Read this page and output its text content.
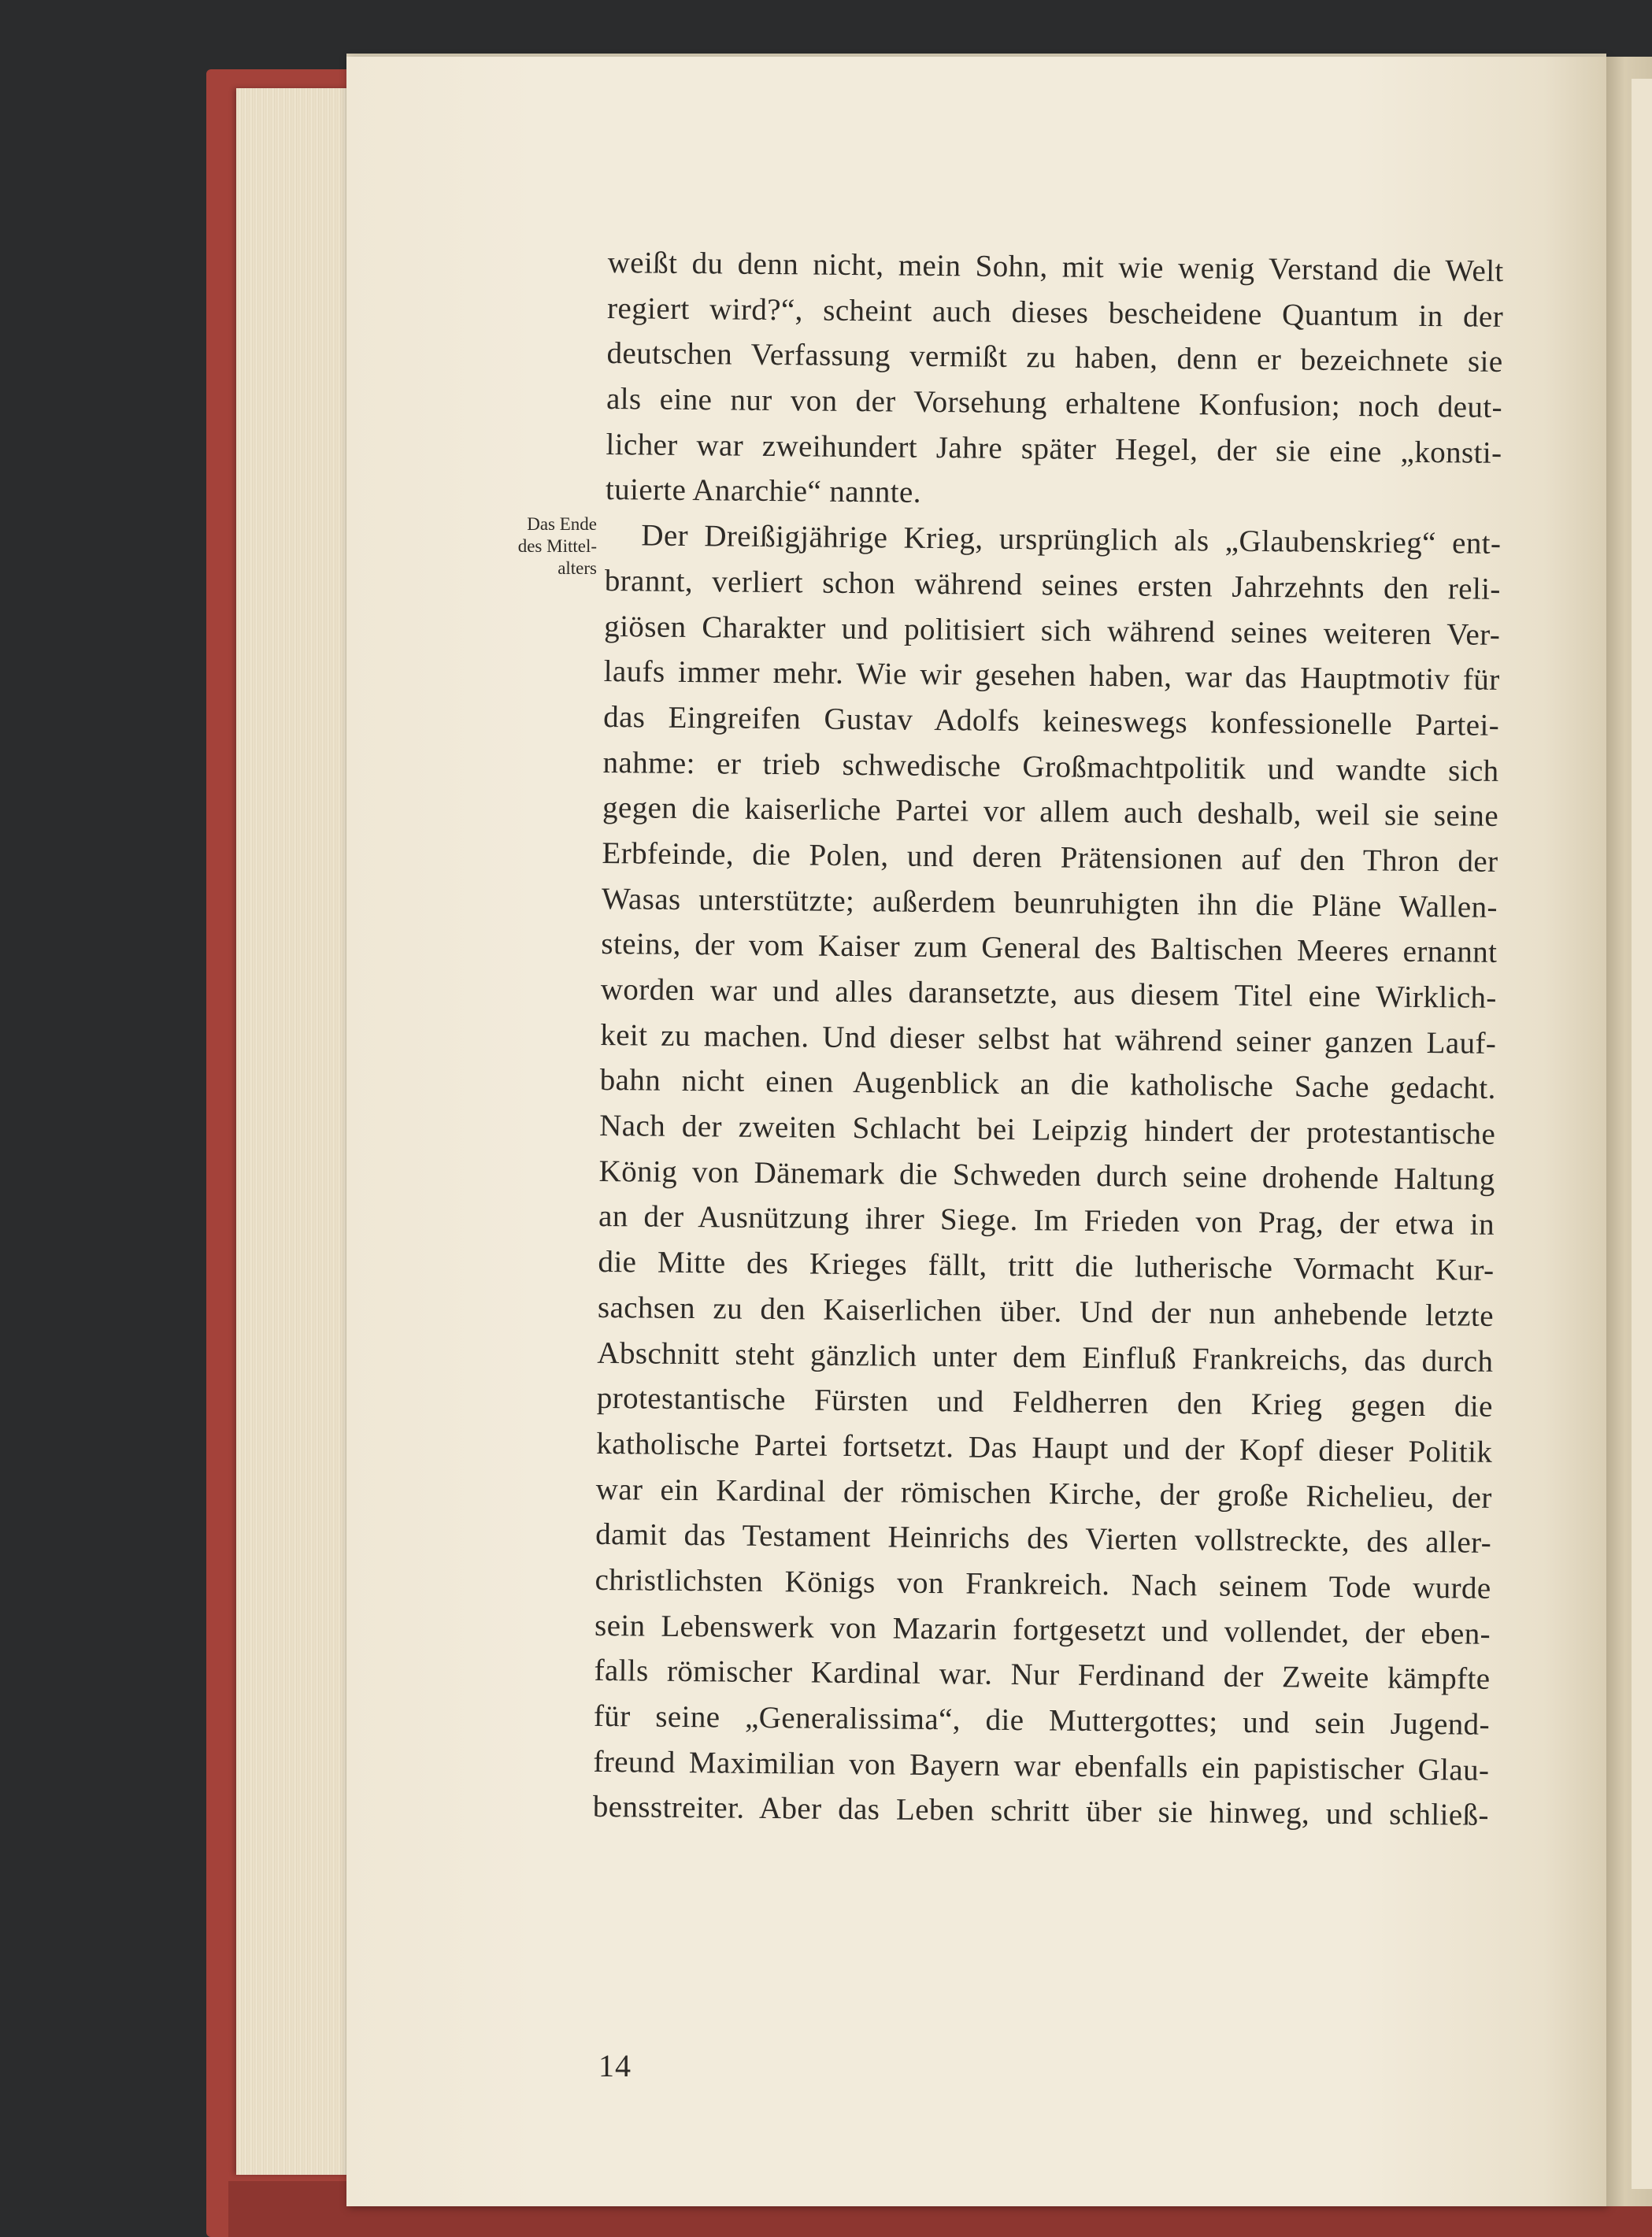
Das Ende
des Mittel-
alters
weißt du denn nicht, mein Sohn, mit wie wenig Verstand die Welt
regiert wird?“, scheint auch dieses bescheidene Quantum in der
deutschen Verfassung vermißt zu haben, denn er bezeichnete sie
als eine nur von der Vorsehung erhaltene Konfusion; noch deut-
licher war zweihundert Jahre später Hegel, der sie eine „konsti-
tuierte Anarchie“ nannte.
Der Dreißigjährige Krieg, ursprünglich als „Glaubenskrieg“ ent-
brannt, verliert schon während seines ersten Jahrzehnts den reli-
giösen Charakter und politisiert sich während seines weiteren Ver-
laufs immer mehr. Wie wir gesehen haben, war das Hauptmotiv für
das Eingreifen Gustav Adolfs keineswegs konfessionelle Partei-
nahme: er trieb schwedische Großmachtpolitik und wandte sich
gegen die kaiserliche Partei vor allem auch deshalb, weil sie seine
Erbfeinde, die Polen, und deren Prätensionen auf den Thron der
Wasas unterstützte; außerdem beunruhigten ihn die Pläne Wallen-
steins, der vom Kaiser zum General des Baltischen Meeres ernannt
worden war und alles daransetzte, aus diesem Titel eine Wirklich-
keit zu machen. Und dieser selbst hat während seiner ganzen Lauf-
bahn nicht einen Augenblick an die katholische Sache gedacht.
Nach der zweiten Schlacht bei Leipzig hindert der protestantische
König von Dänemark die Schweden durch seine drohende Haltung
an der Ausnützung ihrer Siege. Im Frieden von Prag, der etwa in
die Mitte des Krieges fällt, tritt die lutherische Vormacht Kur-
sachsen zu den Kaiserlichen über. Und der nun anhebende letzte
Abschnitt steht gänzlich unter dem Einfluß Frankreichs, das durch
protestantische Fürsten und Feldherren den Krieg gegen die
katholische Partei fortsetzt. Das Haupt und der Kopf dieser Politik
war ein Kardinal der römischen Kirche, der große Richelieu, der
damit das Testament Heinrichs des Vierten vollstreckte, des aller-
christlichsten Königs von Frankreich. Nach seinem Tode wurde
sein Lebenswerk von Mazarin fortgesetzt und vollendet, der eben-
falls römischer Kardinal war. Nur Ferdinand der Zweite kämpfte
für seine „Generalissima“, die Muttergottes; und sein Jugend-
freund Maximilian von Bayern war ebenfalls ein papistischer Glau-
bensstreiter. Aber das Leben schritt über sie hinweg, und schließ-
14
